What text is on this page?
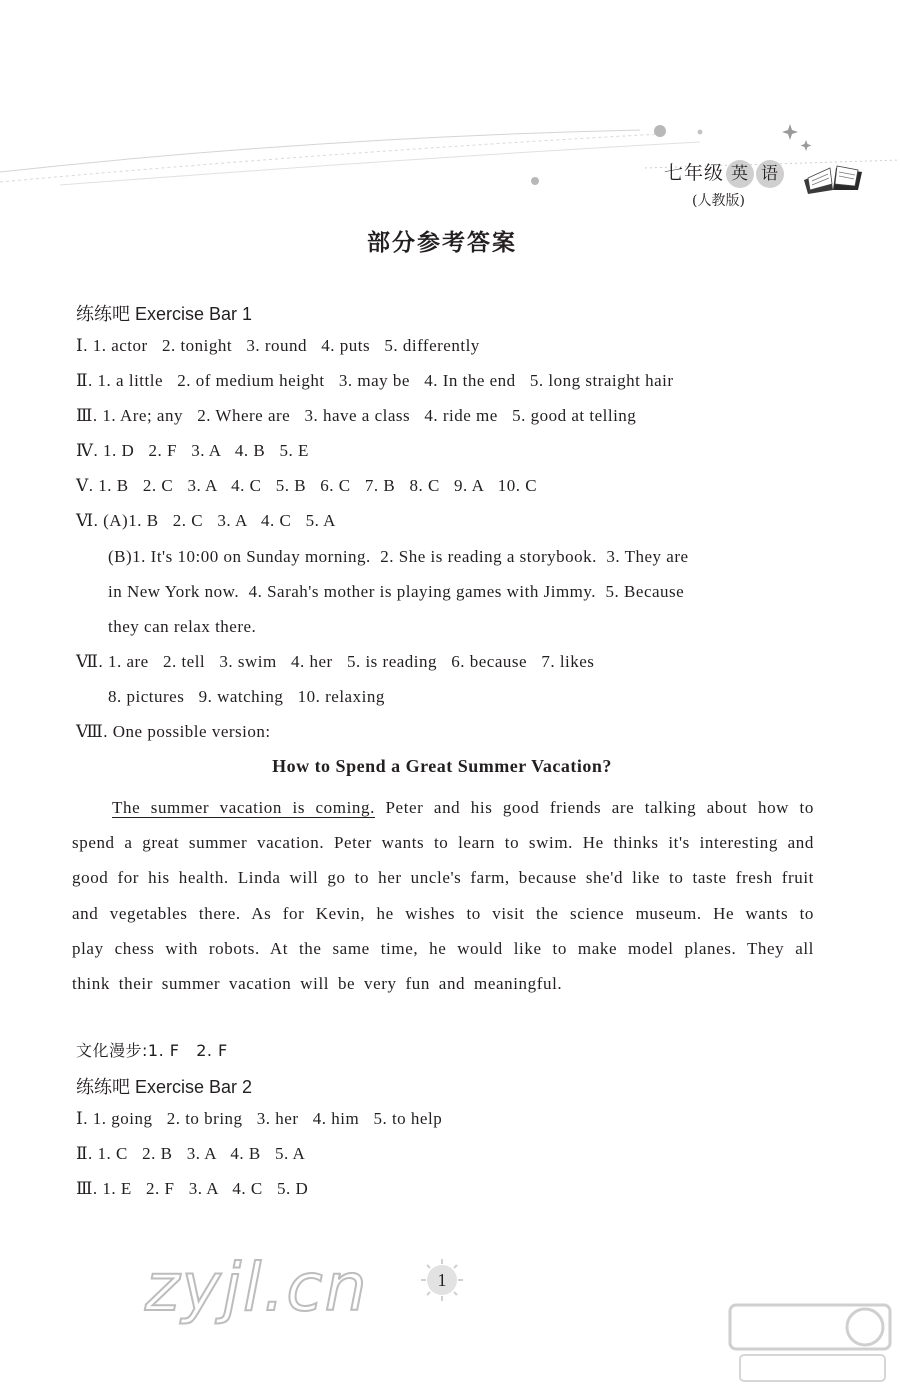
七年级 英 语
(人教版)
部分参考答案
练练吧 Exercise Bar 1
Ⅰ. 1. actor   2. tonight   3. round   4. puts   5. differently
Ⅱ. 1. a little   2. of medium height   3. may be   4. In the end   5. long straight hair
Ⅲ. 1. Are; any   2. Where are   3. have a class   4. ride me   5. good at telling
Ⅳ. 1. D   2. F   3. A   4. B   5. E
Ⅴ. 1. B   2. C   3. A   4. C   5. B   6. C   7. B   8. C   9. A   10. C
Ⅵ. (A)1. B   2. C   3. A   4. C   5. A
(B)1. It's 10:00 on Sunday morning.  2. She is reading a storybook.  3. They are
in New York now.  4. Sarah's mother is playing games with Jimmy.  5. Because
they can relax there.
Ⅶ. 1. are   2. tell   3. swim   4. her   5. is reading   6. because   7. likes
8. pictures   9. watching   10. relaxing
Ⅷ. One possible version:
How to Spend a Great Summer Vacation?
The summer vacation is coming. Peter and his good friends are talking about how to spend a great summer vacation. Peter wants to learn to swim. He thinks it's interesting and good for his health. Linda will go to her uncle's farm, because she'd like to taste fresh fruit and vegetables there. As for Kevin, he wishes to visit the science museum. He wants to play chess with robots. At the same time, he would like to make model planes. They all think their summer vacation will be very fun and meaningful.
文化漫步:1. F   2. F
练练吧 Exercise Bar 2
Ⅰ. 1. going   2. to bring   3. her   4. him   5. to help
Ⅱ. 1. C   2. B   3. A   4. B   5. A
Ⅲ. 1. E   2. F   3. A   4. C   5. D
zyjl.cn	1
